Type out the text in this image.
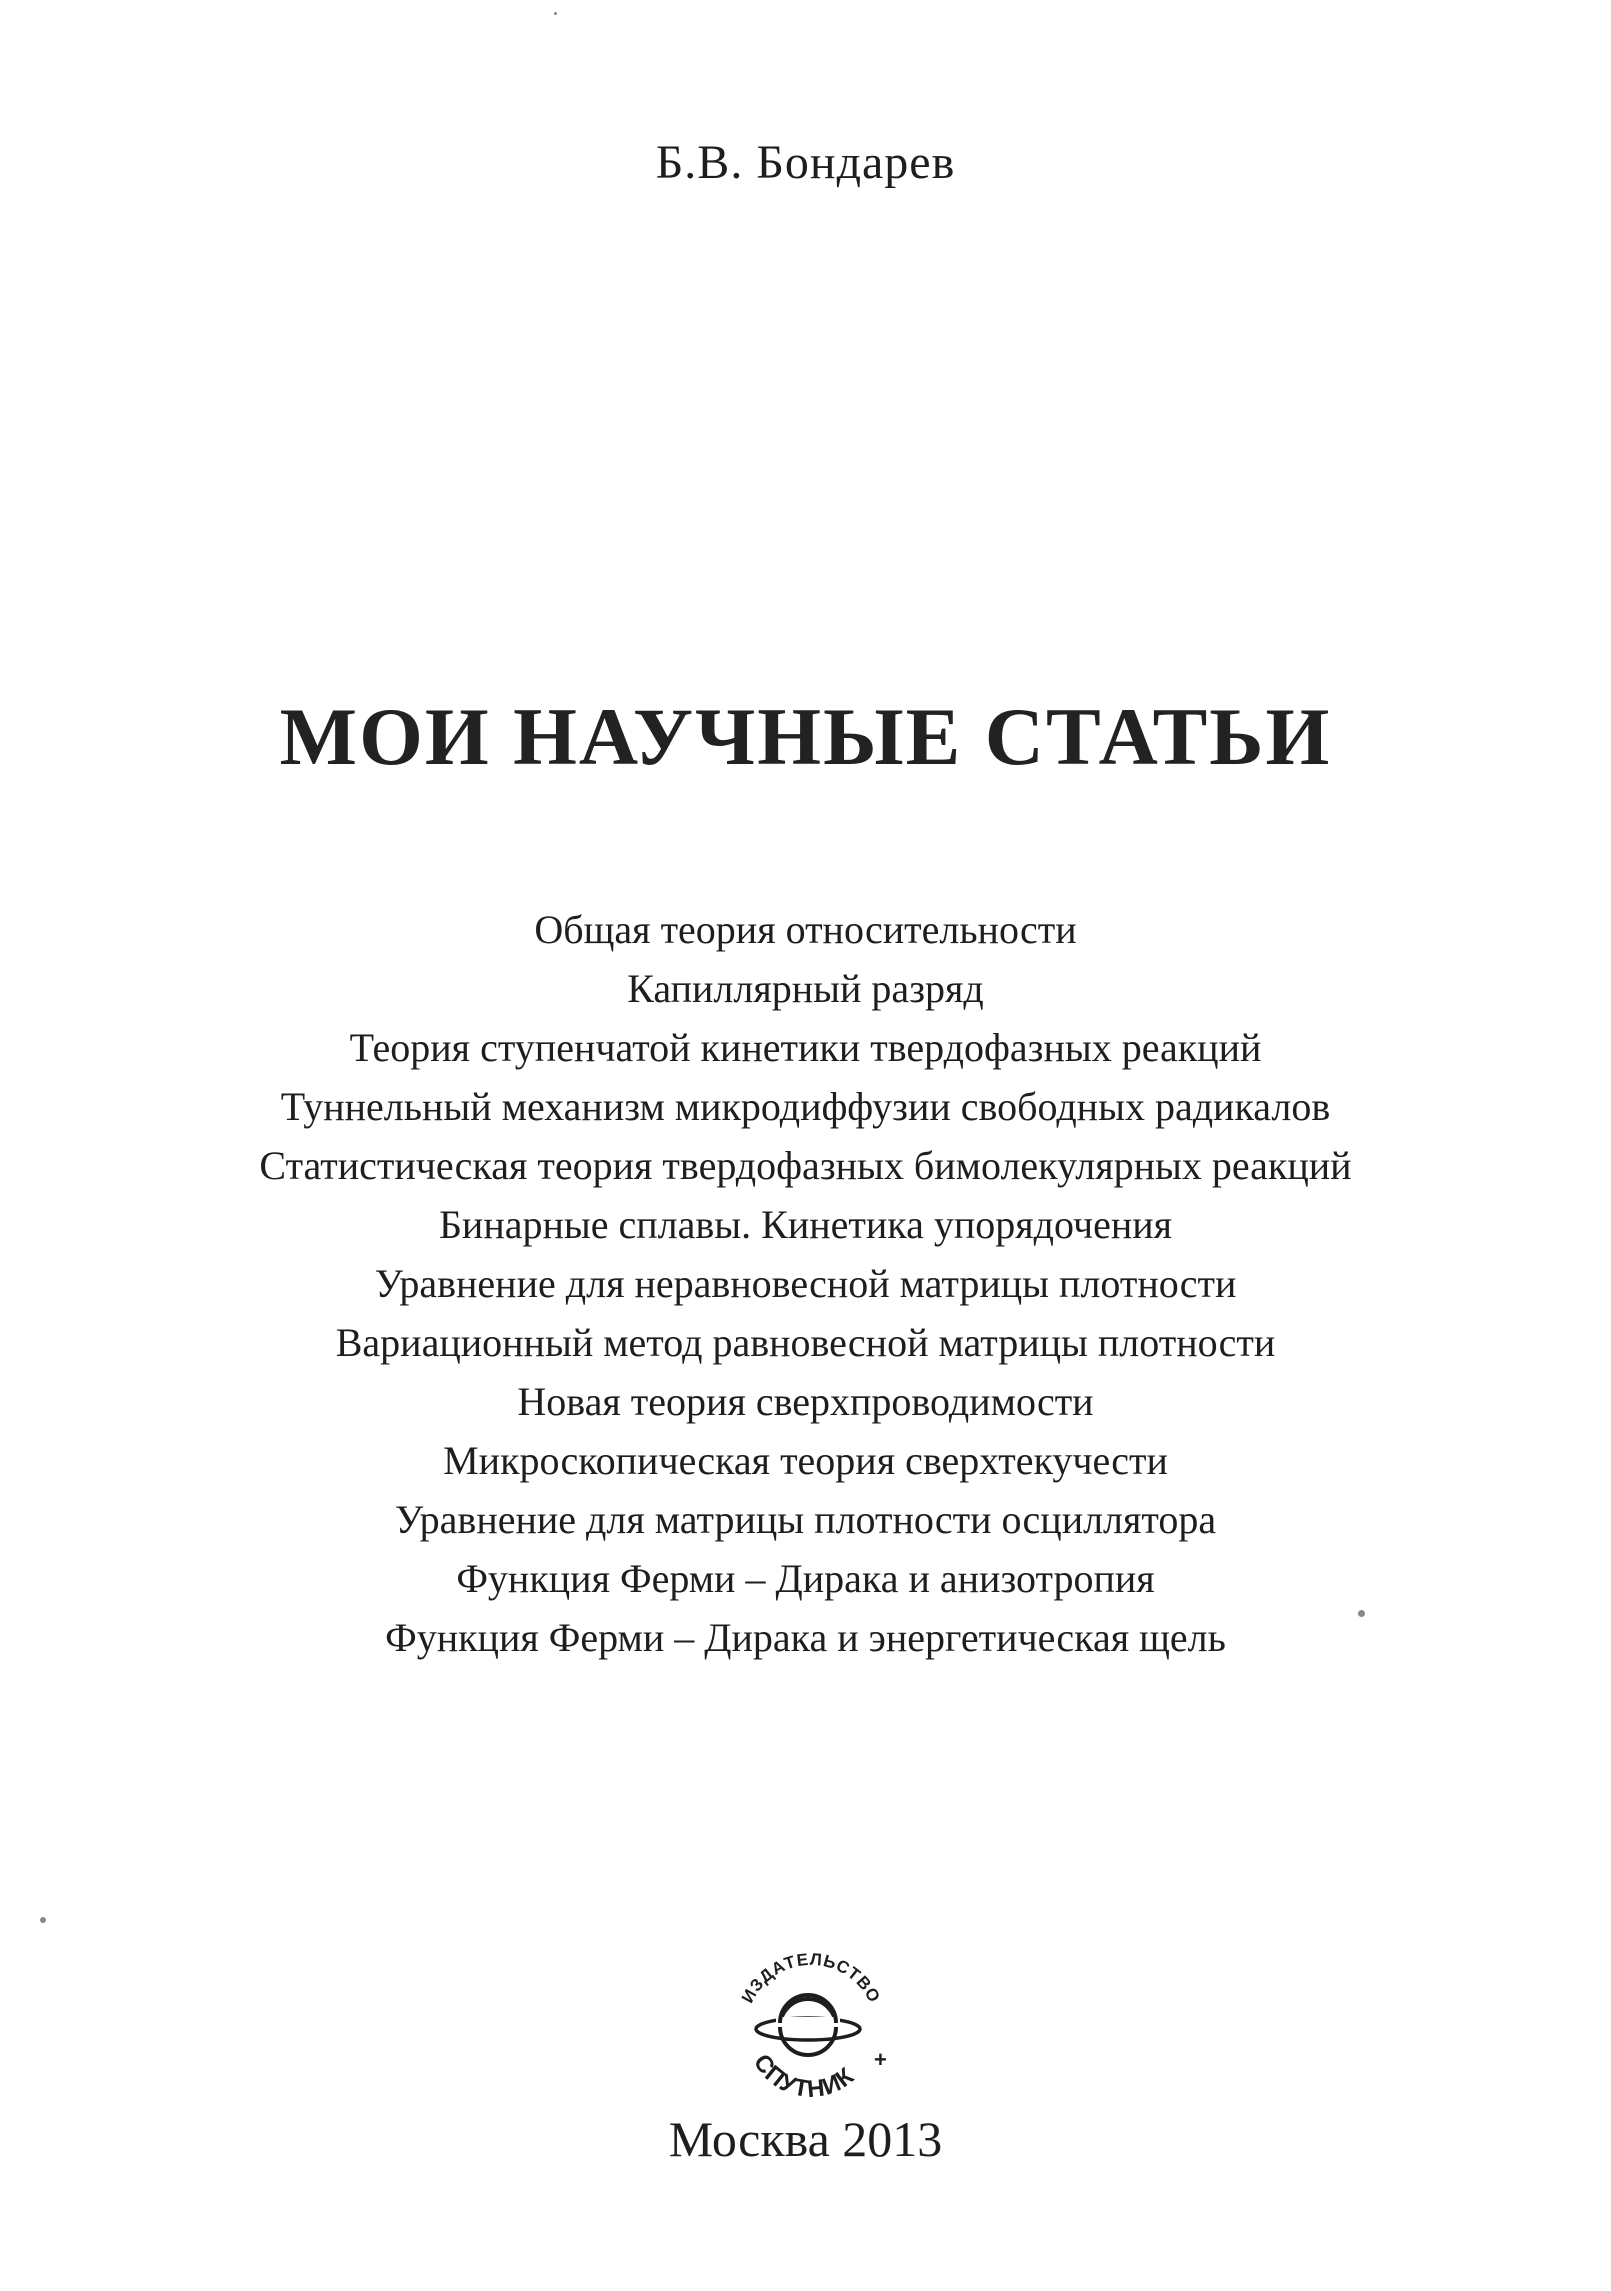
Б.В. Бондарев
МОИ НАУЧНЫЕ СТАТЬИ
Общая теория относительности
Капиллярный разряд
Теория ступенчатой кинетики твердофазных реакций
Туннельный механизм микродиффузии свободных радикалов
Статистическая теория твердофазных бимолекулярных реакций
Бинарные сплавы. Кинетика упорядочения
Уравнение для неравновесной матрицы плотности
Вариационный метод равновесной матрицы плотности
Новая теория сверхпроводимости
Микроскопическая теория сверхтекучести
Уравнение для матрицы плотности осциллятора
Функция Ферми – Дирака и анизотропия
Функция Ферми – Дирака и энергетическая щель
ИЗДАТЕЛЬСТВО
СПУТНИК
+
Москва 2013
